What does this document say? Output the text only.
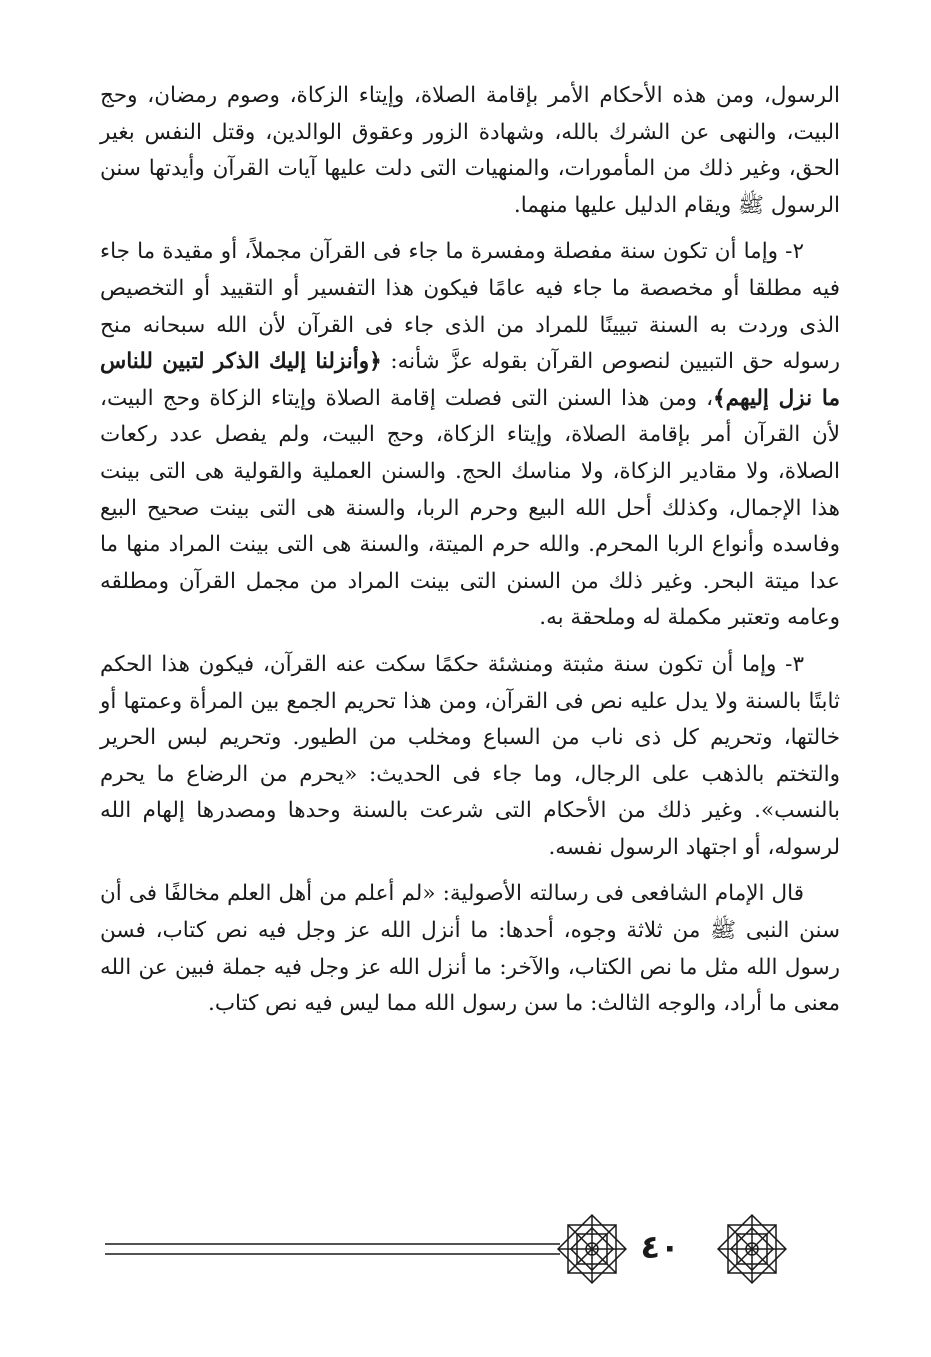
الرسول، ومن هذه الأحكام الأمر بإقامة الصلاة، وإيتاء الزكاة، وصوم رمضان، وحج البيت، والنهى عن الشرك بالله، وشهادة الزور وعقوق الوالدين، وقتل النفس بغير الحق، وغير ذلك من المأمورات، والمنهيات التى دلت عليها آيات القرآن وأيدتها سنن الرسول ﷺ ويقام الدليل عليها منهما.

٢- وإما أن تكون سنة مفصلة ومفسرة ما جاء فى القرآن مجملاً، أو مقيدة ما جاء فيه مطلقا أو مخصصة ما جاء فيه عامًا فيكون هذا التفسير أو التقييد أو التخصيص الذى وردت به السنة تبيينًا للمراد من الذى جاء فى القرآن لأن الله سبحانه منح رسوله حق التبيين لنصوص القرآن بقوله عزَّ شأنه: ﴿وأنزلنا إليك الذكر لتبين للناس ما نزل إليهم﴾، ومن هذا السنن التى فصلت إقامة الصلاة وإيتاء الزكاة وحج البيت، لأن القرآن أمر بإقامة الصلاة، وإيتاء الزكاة، وحج البيت، ولم يفصل عدد ركعات الصلاة، ولا مقادير الزكاة، ولا مناسك الحج. والسنن العملية والقولية هى التى بينت هذا الإجمال، وكذلك أحل الله البيع وحرم الربا، والسنة هى التى بينت صحيح البيع وفاسده وأنواع الربا المحرم. والله حرم الميتة، والسنة هى التى بينت المراد منها ما عدا ميتة البحر. وغير ذلك من السنن التى بينت المراد من مجمل القرآن ومطلقه وعامه وتعتبر مكملة له وملحقة به.

٣- وإما أن تكون سنة مثبتة ومنشئة حكمًا سكت عنه القرآن، فيكون هذا الحكم ثابتًا بالسنة ولا يدل عليه نص فى القرآن، ومن هذا تحريم الجمع بين المرأة وعمتها أو خالتها، وتحريم كل ذى ناب من السباع ومخلب من الطيور. وتحريم لبس الحرير والتختم بالذهب على الرجال، وما جاء فى الحديث: «يحرم من الرضاع ما يحرم بالنسب». وغير ذلك من الأحكام التى شرعت بالسنة وحدها ومصدرها إلهام الله لرسوله، أو اجتهاد الرسول نفسه.

قال الإمام الشافعى فى رسالته الأصولية: «لم أعلم من أهل العلم مخالفًا فى أن سنن النبى ﷺ من ثلاثة وجوه، أحدها: ما أنزل الله عز وجل فيه نص كتاب، فسن رسول الله مثل ما نص الكتاب، والآخر: ما أنزل الله عز وجل فيه جملة فبين عن الله معنى ما أراد، والوجه الثالث: ما سن رسول الله مما ليس فيه نص كتاب.

٤٠
